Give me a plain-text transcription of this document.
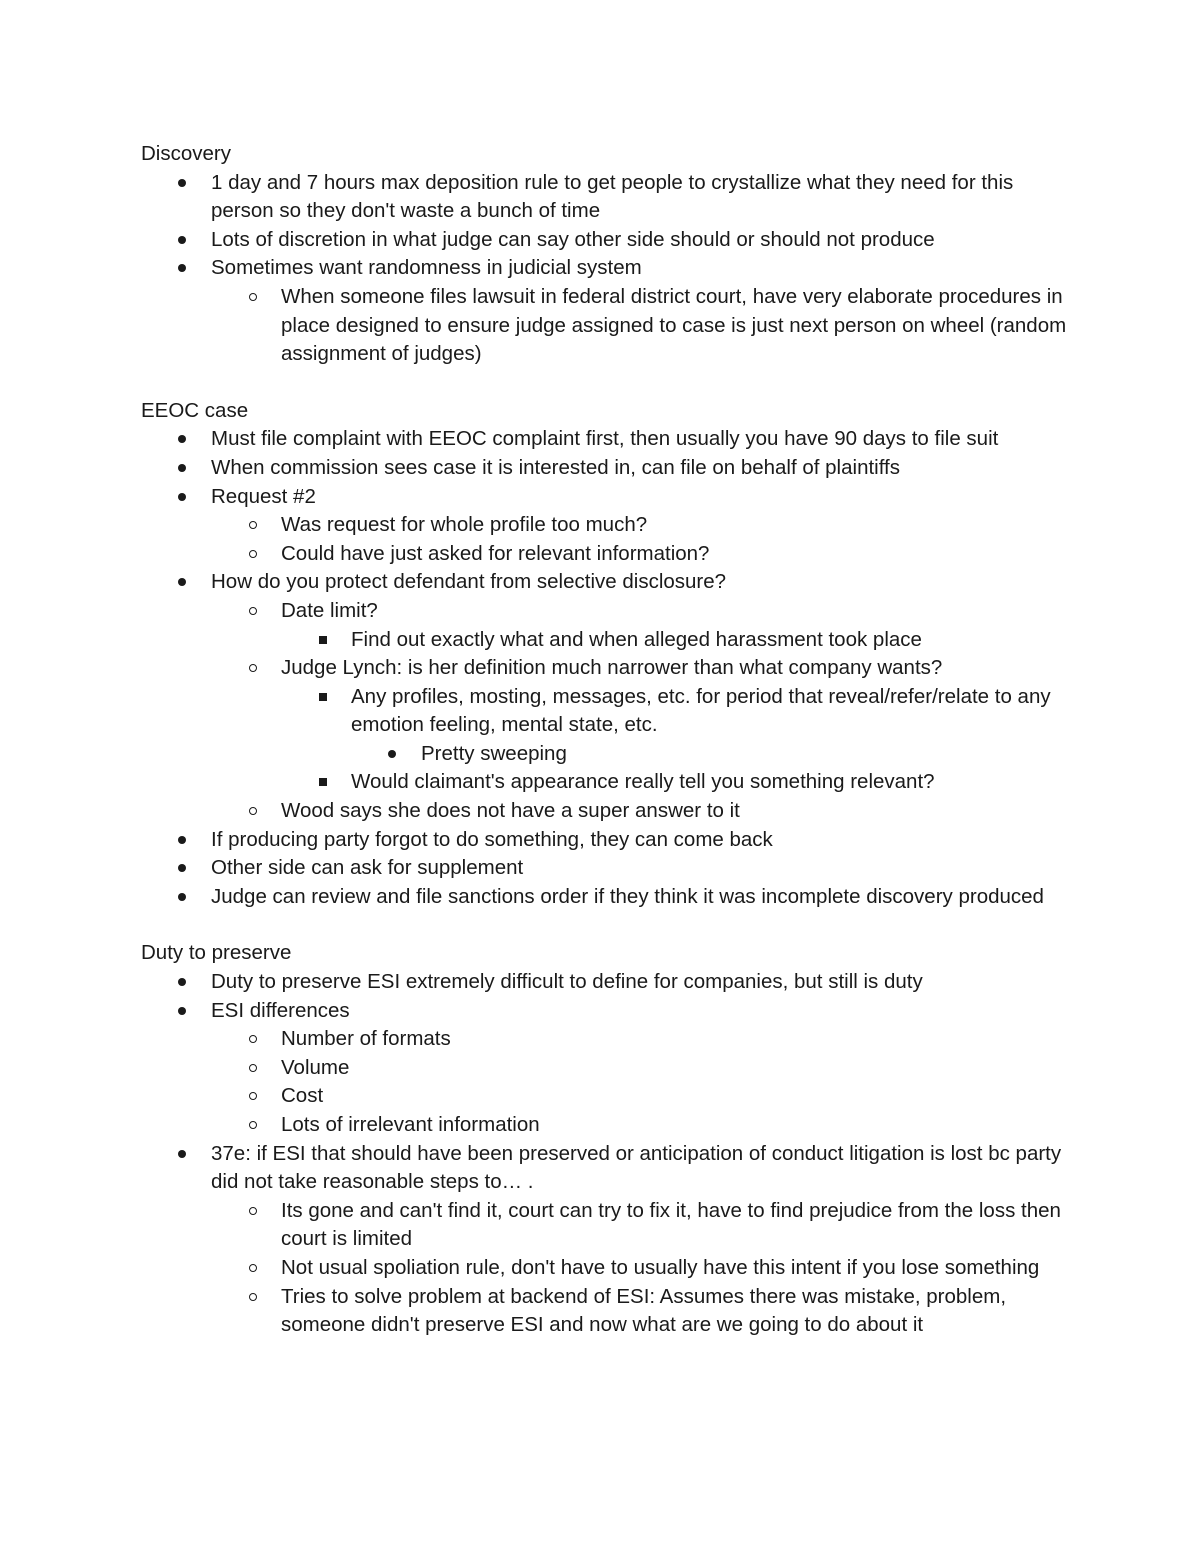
Discovery

1 day and 7 hours max deposition rule to get people to crystallize what they need for this person so they don't waste a bunch of time
Lots of discretion in what judge can say other side should or should not produce
Sometimes want randomness in judicial system
When someone files lawsuit in federal district court, have very elaborate procedures in place designed to ensure judge assigned to case is just next person on wheel (random assignment of judges)

EEOC case

Must file complaint with EEOC complaint first, then usually you have 90 days to file suit
When commission sees case it is interested in, can file on behalf of plaintiffs
Request #2
Was request for whole profile too much?
Could have just asked for relevant information?
How do you protect defendant from selective disclosure?
Date limit?
Find out exactly what and when alleged harassment took place
Judge Lynch: is her definition much narrower than what company wants?
Any profiles, mosting, messages, etc. for period that reveal/refer/relate to any emotion feeling, mental state, etc.
Pretty sweeping
Would claimant's appearance really tell you something relevant?
Wood says she does not have a super answer to it
If producing party forgot to do something, they can come back
Other side can ask for supplement
Judge can review and file sanctions order if they think it was incomplete discovery produced

Duty to preserve

Duty to preserve ESI extremely difficult to define for companies, but still is duty
ESI differences
Number of formats
Volume
Cost
Lots of irrelevant information
37e: if ESI that should have been preserved or anticipation of conduct litigation is lost bc party did not take reasonable steps to… .
Its gone and can't find it, court can try to fix it, have to find prejudice from the loss then court is limited
Not usual spoliation rule, don't have to usually have this intent if you lose something
Tries to solve problem at backend of ESI: Assumes there was mistake, problem, someone didn't preserve ESI and now what are we going to do about it
